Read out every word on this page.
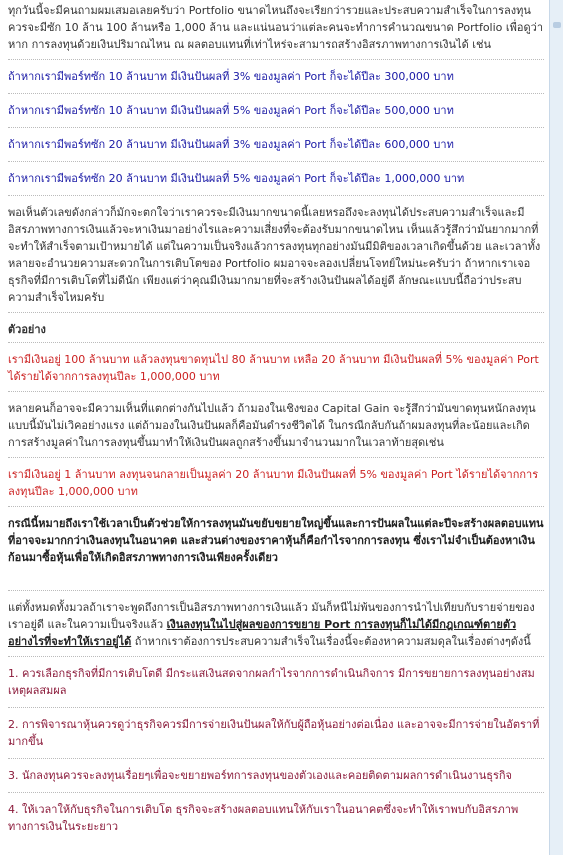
ทุกวันนี้จะมีคนถามผมเสมอเลยครับว่า Portfolio ขนาดไหนถึงจะเรียกว่ารวยและประสบความสำเร็จในการลงทุน ควรจะมีซัก 10 ล้าน 100 ล้านหรือ 1,000 ล้าน และแน่นอนว่าแต่ละคนจะทำการคำนวณขนาด Portfolio เพื่อดูว่าหาก การลงทุนด้วยเงินปริมาณไหน ณ ผลตอบแทนที่เท่าไหร่จะสามารถสร้างอิสรภาพทางการเงินได้ เช่น

ถ้าหากเรามีพอร์ทซัก 10 ล้านบาท มีเงินปันผลที่ 3% ของมูลค่า Port ก็จะได้ปีละ 300,000 บาท

ถ้าหากเรามีพอร์ทซัก 10 ล้านบาท มีเงินปันผลที่ 5% ของมูลค่า Port ก็จะได้ปีละ 500,000 บาท

ถ้าหากเรามีพอร์ทซัก 20 ล้านบาท มีเงินปันผลที่ 3% ของมูลค่า Port ก็จะได้ปีละ 600,000 บาท

ถ้าหากเรามีพอร์ทซัก 20 ล้านบาท มีเงินปันผลที่ 5% ของมูลค่า Port ก็จะได้ปีละ 1,000,000 บาท

พอเห็นตัวเลขดังกล่าวก็มักจะตกใจว่าเราควรจะมีเงินมากขนาดนี้เลยหรอถึงจะลงทุนได้ประสบความสำเร็จและมีอิสรภาพทางการเงินแล้วจะหาเงินมาอย่างไรและความเสี่ยงที่จะต้องรับมากขนาดไหน เห็นแล้วรู้สึกว่ามันยากมากที่จะทำให้สำเร็จตามเป้าหมายได้ แต่ในความเป็นจริงแล้วการลงทุนทุกอย่างมันมีมิติของเวลาเกิดขึ้นด้วย และเวลาทั้งหลายจะอำนวยความสะดวกในการเติบโตของ Portfolio ผมอาจจะลองเปลี่ยนโจทย์ใหม่นะครับว่า ถ้าหากเราเจอธุรกิจที่มีการเติบโตที่ไม่ดีนัก เพียงแต่ว่าคุณมีเงินมากมายที่จะสร้างเงินปันผลได้อยู่ดี ลักษณะแบบนี้ถือว่าประสบความสำเร็จไหมครับ

ตัวอย่าง

เรามีเงินอยู่ 100 ล้านบาท แล้วลงทุนขาดทุนไป 80 ล้านบาท เหลือ 20 ล้านบาท มีเงินปันผลที่ 5% ของมูลค่า Port ได้รายได้จากการลงทุนปีละ 1,000,000 บาท

หลายคนก็อาจจะมีความเห็นที่แตกต่างกันไปแล้ว ถ้ามองในเชิงของ Capital Gain จะรู้สึกว่ามันขาดทุนหนักลงทุนแบบนี้มันไม่เวิคอย่างแรง แต่ถ้ามองในเงินปันผลก็คือมันดำรงชีวิตได้ ในกรณีกลับกันถ้าผมลงทุนที่ละน้อยและเกิดการสร้างมูลค่าในการลงทุนขึ้นมาทำให้เงินปันผลถูกสร้างขึ้นมาจำนวนมากในเวลาท้ายสุดเช่น

เรามีเงินอยู่ 1 ล้านบาท ลงทุนจนกลายเป็นมูลค่า 20 ล้านบาท มีเงินปันผลที่ 5% ของมูลค่า Port ได้รายได้จากการลงทุนปีละ 1,000,000 บาท

กรณีนี้หมายถึงเราใช้เวลาเป็นตัวช่วยให้การลงทุนมันขยับขยายใหญ่ขึ้นและการปันผลในแต่ละปีจะสร้างผลตอบแทนที่อาจจะมากกว่าเงินลงทุนในอนาคต และส่วนต่างของราคาหุ้นก็คือกำไรจากการลงทุน ซึ่งเราไม่จำเป็นต้องหาเงินก้อนมาซื้อหุ้นเพื่อให้เกิดอิสรภาพทางการเงินเพียงครั้งเดียว

แต่ทั้งหมดทั้งมวลถ้าเราจะพูดถึงการเป็นอิสรภาพทางการเงินแล้ว มันก็หนีไม่พ้นของการนำไปเทียบกับรายจ่ายของเราอยู่ดี และในความเป็นจริงแล้ว เงินลงทุนในไปสู่ผลของการขยาย Port การลงทุนก็ไม่ได้มีกฎเกณฑ์ตายตัวอย่างไรที่จะทำให้เราอยู่ได้ ถ้าหากเราต้องการประสบความสำเร็จในเรื่องนี้จะต้องหาความสมดุลในเรื่องต่างๆดังนี้

1. ควรเลือกธุรกิจที่มีการเติบโตดี มีกระแสเงินสดจากผลกำไรจากการดำเนินกิจการ มีการขยายการลงทุนอย่างสมเหตุผลสมผล

2. การพิจารณาหุ้นควรดูว่าธุรกิจควรมีการจ่ายเงินปันผลให้กับผู้ถือหุ้นอย่างต่อเนื่อง และอาจจะมีการจ่ายในอัตราที่มากขึ้น

3. นักลงทุนควรจะลงทุนเรื่อยๆเพื่อจะขยายพอร์ทการลงทุนของตัวเองและคอยติดตามผลการดำเนินงานธุรกิจ

4. ให้เวลาให้กับธุรกิจในการเติบโต ธุรกิจจะสร้างผลตอบแทนให้กับเราในอนาคตซึ่งจะทำให้เราพบกับอิสรภาพทางการเงินในระยะยาว
